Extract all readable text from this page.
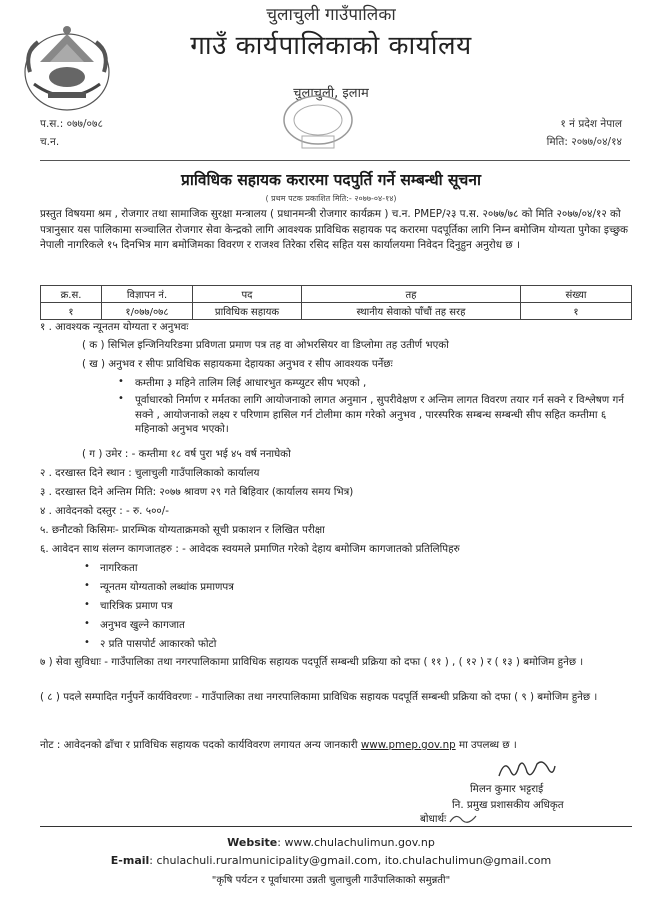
चुलाचुली गाउँपालिका
गाउँ कार्यपालिकाको कार्यालय
चुलाचुली, इलाम
प.स.: ०७७/०७८
च.न.
१ नं प्रदेश नेपाल
मिति: २०७७/०४/१४
प्राविधिक सहायक करारमा पदपुर्ति गर्ने सम्बन्धी सूचना
( प्रथम पटक प्रकाशित मिति:- २०७७-०४-१४)
प्रस्तुत विषयमा श्रम , रोजगार तथा सामाजिक सुरक्षा मन्त्रालय ( प्रधानमन्त्री रोजगार कार्यक्रम ) च.न. PMEP/२३ प.स. २०७७/७८ को मिति २०७७/०४/१२ को पत्रानुसार यस पालिकामा सञ्चालित रोजगार सेवा केन्द्रको लागि आवश्यक प्राविधिक सहायक पद करारमा पदपूर्तिका लागि निम्न बमोजिम योग्यता पुगेका इच्छुक नेपाली नागरिकले १५ दिनभित्र माग बमोजिमका विवरण र राजश्व तिरेका रसिद सहित यस कार्यालयमा निवेदन दिनुहुन अनुरोध छ ।
क्र.स.	विज्ञापन नं.	पद	तह	संख्या
१	१/०७७/०७८	प्राविधिक सहायक	स्थानीय सेवाको पाँचौं तह सरह	१
१ . आवश्यक न्यूनतम योग्यता र अनुभवः
( क ) सिभिल इन्जिनियरिङमा प्रविणता प्रमाण पत्र तह वा ओभरसियर वा डिप्लोमा तह उतीर्ण भएको
( ख ) अनुभव र सीपः प्राविधिक सहायकमा देहायका अनुभव र सीप आवश्यक पर्नेछः
• कम्तीमा ३ महिने तालिम लिई आधारभुत कम्प्युटर सीप भएको ,
• पूर्वाधारको निर्माण र मर्मतका लागि आयोजनाको लागत अनुमान , सुपरीवेक्षण र अन्तिम लागत विवरण तयार गर्न सक्ने र विश्लेषण गर्न सक्ने , आयोजनाको लक्ष्य र परिणाम हासिल गर्न टोलीमा काम गरेको अनुभव , पारस्परिक सम्बन्ध सम्बन्धी सीप सहित कम्तीमा ६ महिनाको अनुभव भएको।
( ग ) उमेर : - कम्तीमा १८ वर्ष पुरा भई ४५ वर्ष ननाघेको
२ . दरखास्त दिने स्थान : चुलाचुली गाउँपालिकाको कार्यालय
३ . दरखास्त दिने अन्तिम मिति: २०७७ श्रावण २९ गते बिहिवार (कार्यालय समय भित्र)
४ . आवेदनको दस्तुर : - रु. ५००/-
५. छनौटको किसिमः- प्रारम्भिक योग्यताक्रमको सूची प्रकाशन र लिखित परीक्षा
६. आवेदन साथ संलग्न कागजातहरु : - आवेदक स्वयमले प्रमाणित गरेको देहाय बमोजिम कागजातको प्रतिलिपिहरु
• नागरिकता
• न्यूनतम योग्यताको लब्धांक प्रमाणपत्र
• चारित्रिक प्रमाण पत्र
• अनुभव खुल्ने कागजात
• २ प्रति पासपोर्ट आकारको फोटो
७ ) सेवा सुविधाः - गाउँपालिका तथा नगरपालिकामा प्राविधिक सहायक पदपूर्ति सम्बन्धी प्रक्रिया को दफा ( ११ ) , ( १२ ) र ( १३ ) बमोजिम हुनेछ ।
( ८ ) पदले सम्पादित गर्नुपर्ने कार्यविवरणः - गाउँपालिका तथा नगरपालिकामा प्राविधिक सहायक पदपूर्ति सम्बन्धी प्रक्रिया को दफा ( ९ ) बमोजिम हुनेछ ।
नोट : आवेदनको ढाँचा र प्राविधिक सहायक पदको कार्यविवरण लगायत अन्य जानकारी www.pmep.gov.np मा उपलब्ध छ ।
मिलन कुमार भट्टराई
नि. प्रमुख प्रशासकीय अधिकृत
बोधार्थः
Website: www.chulachulimun.gov.np
E-mail: chulachuli.ruralmunicipality@gmail.com, ito.chulachulimun@gmail.com
"कृषि पर्यटन र पूर्वाधारमा उन्नती चुलाचुली गाउँपालिकाको समुन्नती"
